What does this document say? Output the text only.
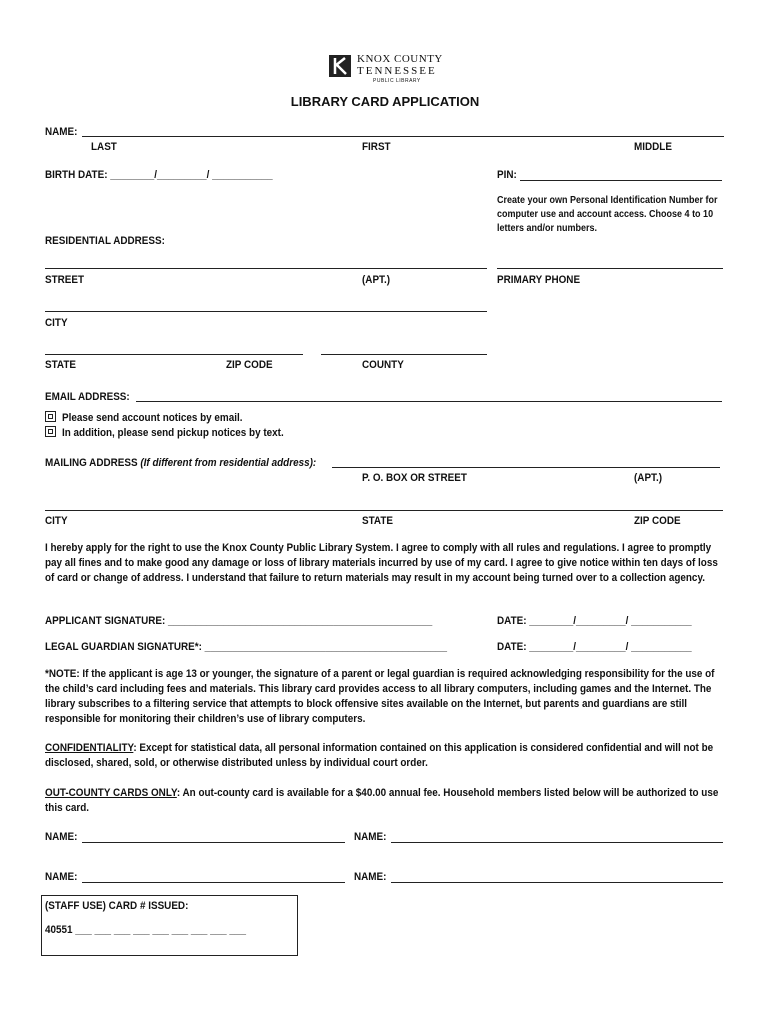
KNOX COUNTY
TENNESSEE
PUBLIC LIBRARY
LIBRARY CARD APPLICATION
NAME:
LAST	FIRST	MIDDLE
BIRTH DATE: ________/_________/ ___________	PIN:
Create your own Personal Identification Number for computer use and account access. Choose 4 to 10 letters and/or numbers.
RESIDENTIAL ADDRESS:
STREET	(APT.)	PRIMARY PHONE
CITY
STATE	ZIP CODE	COUNTY
EMAIL ADDRESS:
Please send account notices by email.
In addition, please send pickup notices by text.
MAILING ADDRESS (If different from residential address):
P. O. BOX OR STREET	(APT.)
CITY	STATE	ZIP CODE
I hereby apply for the right to use the Knox County Public Library System. I agree to comply with all rules and regulations. I agree to promptly pay all fines and to make good any damage or loss of library materials incurred by use of my card. I agree to give notice within ten days of loss of card or change of address. I understand that failure to return materials may result in my account being turned over to a collection agency.
APPLICANT SIGNATURE: ________________________________________________	DATE: ________/_________/ ___________
LEGAL GUARDIAN SIGNATURE*: ____________________________________________	DATE: ________/_________/ ___________
*NOTE: If the applicant is age 13 or younger, the signature of a parent or legal guardian is required acknowledging responsibility for the use of the child’s card including fees and materials. This library card provides access to all library computers, including games and the Internet. The library subscribes to a filtering service that attempts to block offensive sites available on the Internet, but parents and guardians are still responsible for monitoring their children’s use of library computers.
CONFIDENTIALITY: Except for statistical data, all personal information contained on this application is considered confidential and will not be disclosed, shared, sold, or otherwise distributed unless by individual court order.
OUT-COUNTY CARDS ONLY: An out-county card is available for a $40.00 annual fee. Household members listed below will be authorized to use this card.
NAME:	NAME:
NAME:	NAME:
(STAFF USE) CARD # ISSUED:
40551 ___ ___ ___ ___ ___ ___ ___ ___ ___
